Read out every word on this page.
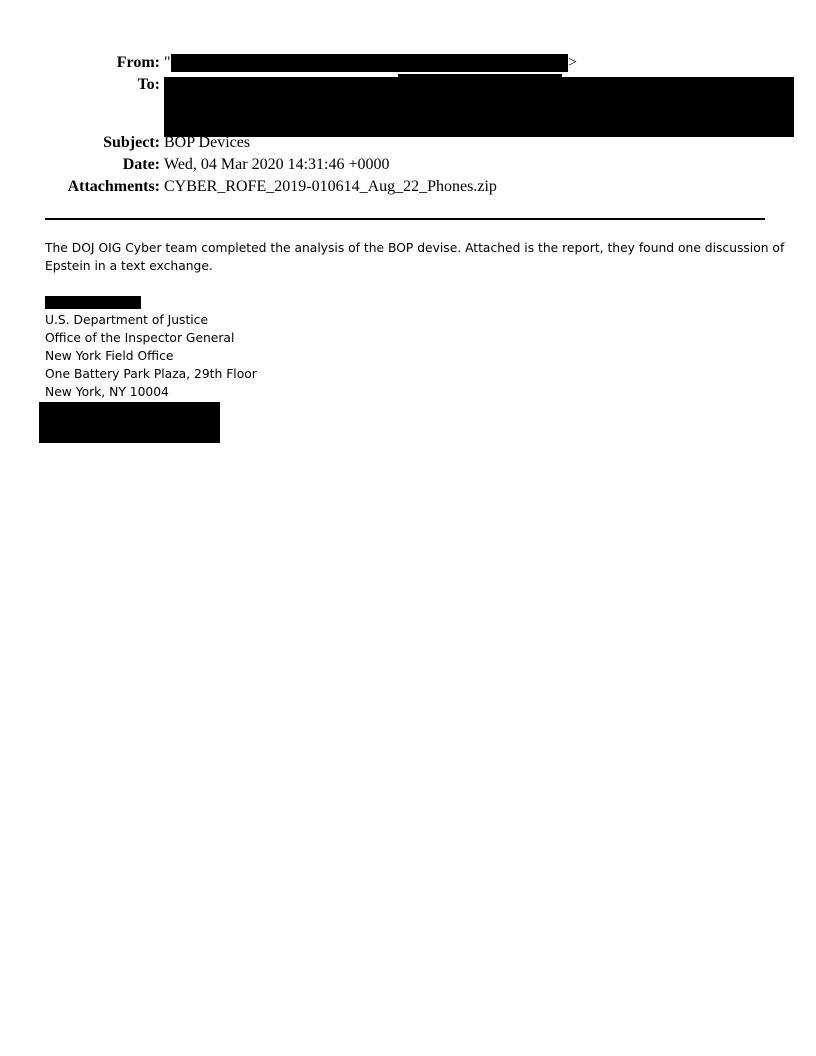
From: "	>
To:
Subject: BOP Devices
Date: Wed, 04 Mar 2020 14:31:46 +0000
Attachments: CYBER_ROFE_2019-010614_Aug_22_Phones.zip
The DOJ OIG Cyber team completed the analysis of the BOP devise. Attached is the report, they found one discussion of
Epstein in a text exchange.
U.S. Department of Justice
Office of the Inspector General
New York Field Office
One Battery Park Plaza, 29th Floor
New York, NY 10004
